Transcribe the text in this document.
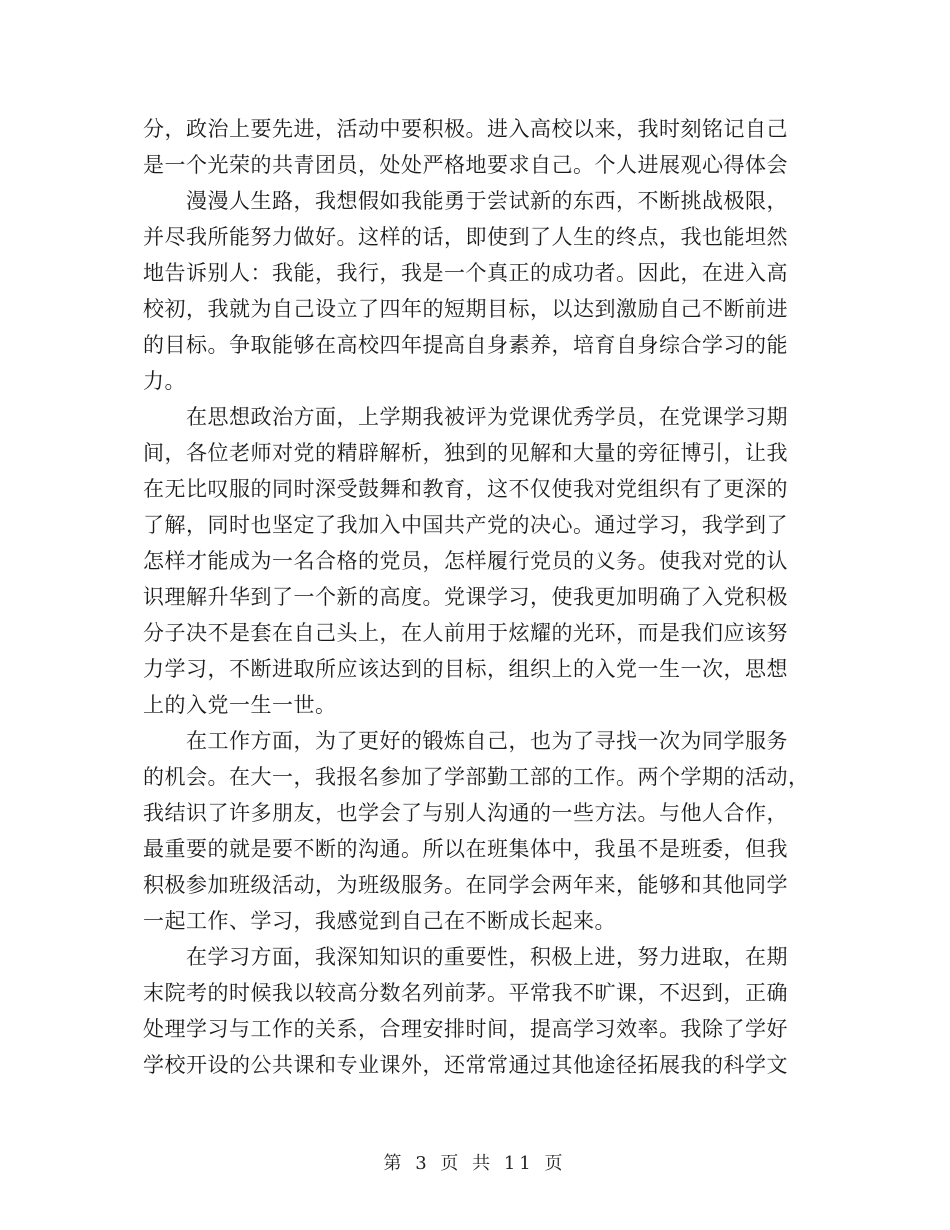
分，政治上要先进，活动中要积极。进入高校以来，我时刻铭记自己
是一个光荣的共青团员，处处严格地要求自己。个人进展观心得体会
漫漫人生路，我想假如我能勇于尝试新的东西，不断挑战极限，
并尽我所能努力做好。这样的话，即使到了人生的终点，我也能坦然
地告诉别人：我能，我行，我是一个真正的成功者。因此，在进入高
校初，我就为自己设立了四年的短期目标，以达到激励自己不断前进
的目标。争取能够在高校四年提高自身素养，培育自身综合学习的能
力。
在思想政治方面，上学期我被评为党课优秀学员，在党课学习期
间，各位老师对党的精辟解析，独到的见解和大量的旁征博引，让我
在无比叹服的同时深受鼓舞和教育，这不仅使我对党组织有了更深的
了解，同时也坚定了我加入中国共产党的决心。通过学习，我学到了
怎样才能成为一名合格的党员，怎样履行党员的义务。使我对党的认
识理解升华到了一个新的高度。党课学习，使我更加明确了入党积极
分子决不是套在自己头上，在人前用于炫耀的光环，而是我们应该努
力学习，不断进取所应该达到的目标，组织上的入党一生一次，思想
上的入党一生一世。
在工作方面，为了更好的锻炼自己，也为了寻找一次为同学服务
的机会。在大一，我报名参加了学部勤工部的工作。两个学期的活动，
我结识了许多朋友，也学会了与别人沟通的一些方法。与他人合作，
最重要的就是要不断的沟通。所以在班集体中，我虽不是班委，但我
积极参加班级活动，为班级服务。在同学会两年来，能够和其他同学
一起工作、学习，我感觉到自己在不断成长起来。
在学习方面，我深知知识的重要性，积极上进，努力进取，在期
末院考的时候我以较高分数名列前茅。平常我不旷课，不迟到，正确
处理学习与工作的关系，合理安排时间，提高学习效率。我除了学好
学校开设的公共课和专业课外，还常常通过其他途径拓展我的科学文
第 3 页 共 11 页
